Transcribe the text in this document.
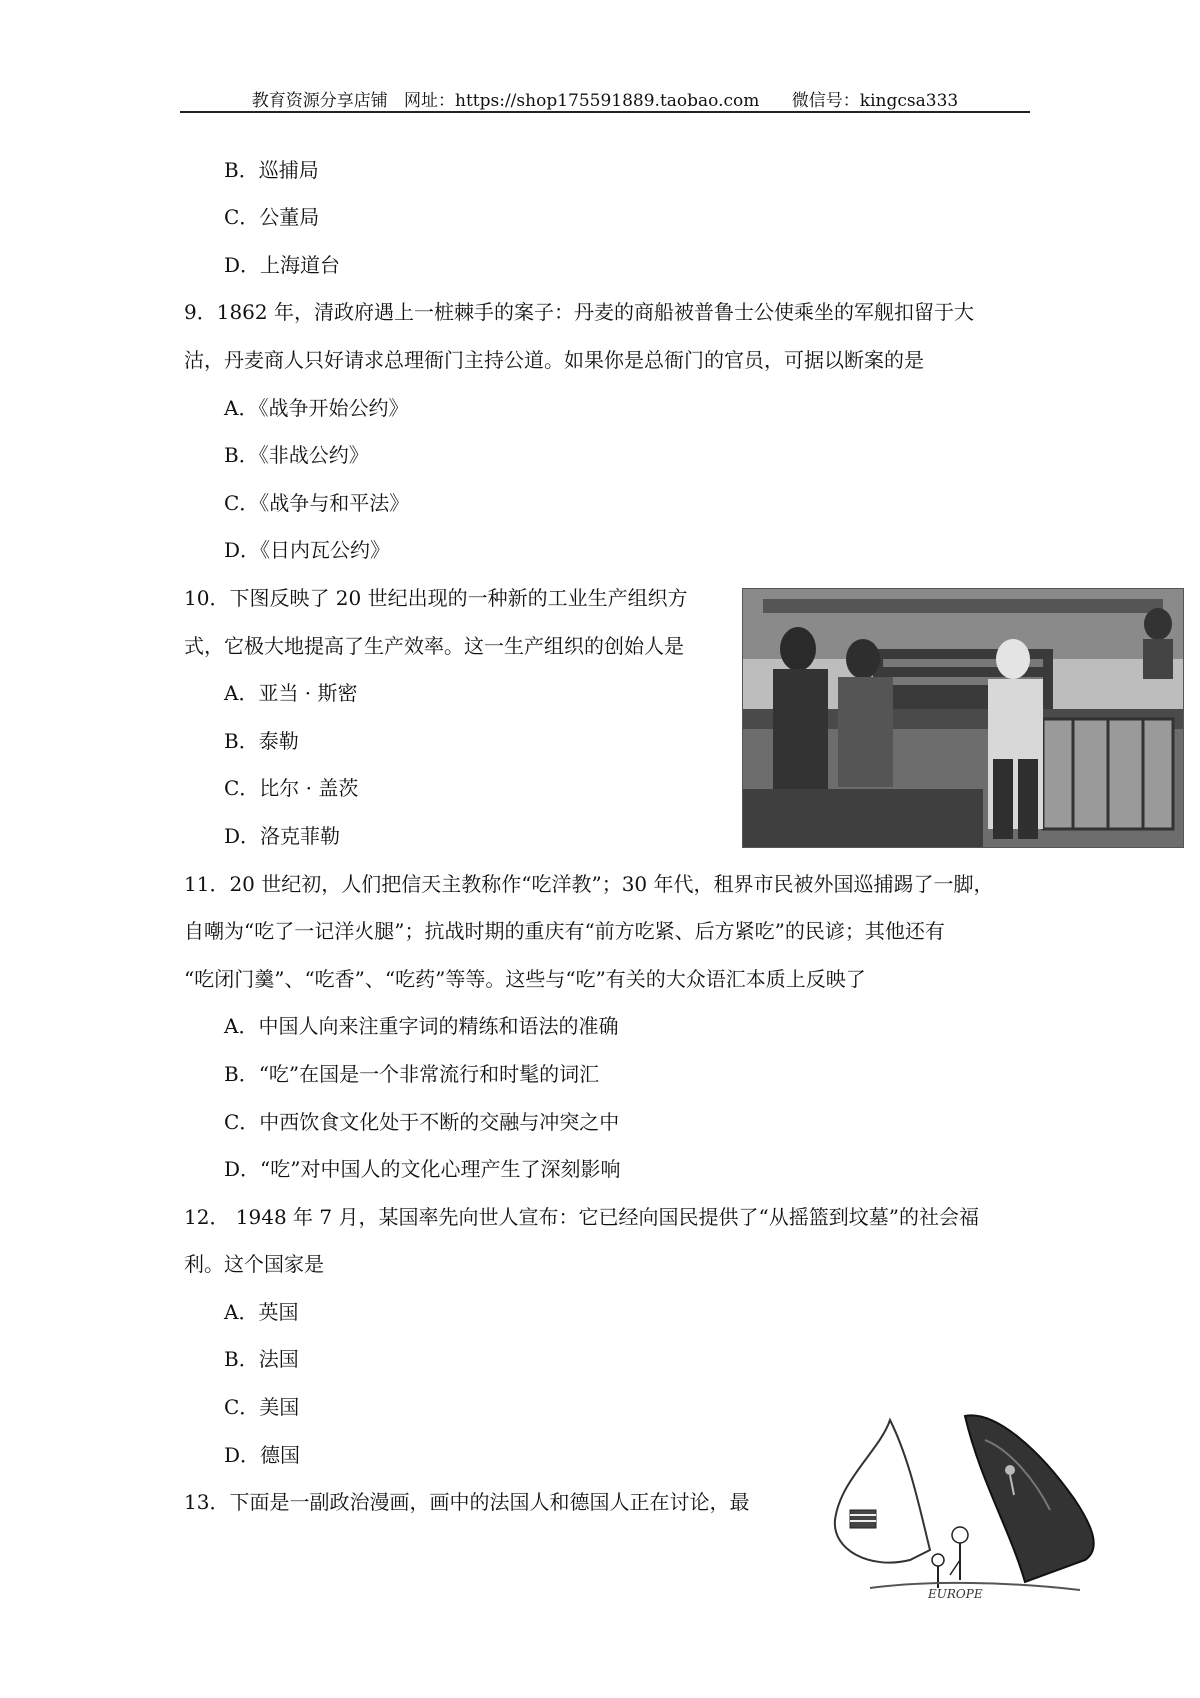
教育资源分享店铺   网址：https://shop175591889.taobao.com      微信号：kingcsa333
B．巡捕局
C．公董局
D．上海道台
9．1862 年，清政府遇上一桩棘手的案子：丹麦的商船被普鲁士公使乘坐的军舰扣留于大
沽，丹麦商人只好请求总理衙门主持公道。如果你是总衙门的官员，可据以断案的是
A．《战争开始公约》
B．《非战公约》
C．《战争与和平法》
D．《日内瓦公约》
10．下图反映了 20 世纪出现的一种新的工业生产组织方
式，它极大地提高了生产效率。这一生产组织的创始人是
A．亚当 · 斯密
B．泰勒
C．比尔 · 盖茨
D．洛克菲勒
11．20 世纪初，人们把信天主教称作“吃洋教”；30 年代，租界市民被外国巡捕踢了一脚，
自嘲为“吃了一记洋火腿”；抗战时期的重庆有“前方吃紧、后方紧吃”的民谚；其他还有
“吃闭门羹”、“吃香”、“吃药”等等。这些与“吃”有关的大众语汇本质上反映了
A．中国人向来注重字词的精练和语法的准确
B．“吃”在国是一个非常流行和时髦的词汇
C．中西饮食文化处于不断的交融与冲突之中
D．“吃”对中国人的文化心理产生了深刻影响
12． 1948 年 7 月，某国率先向世人宣布：它已经向国民提供了“从摇篮到坟墓”的社会福
利。这个国家是
A．英国
B．法国
C．美国
D．德国
13．下面是一副政治漫画，画中的法国人和德国人正在讨论，最
EUROPE
